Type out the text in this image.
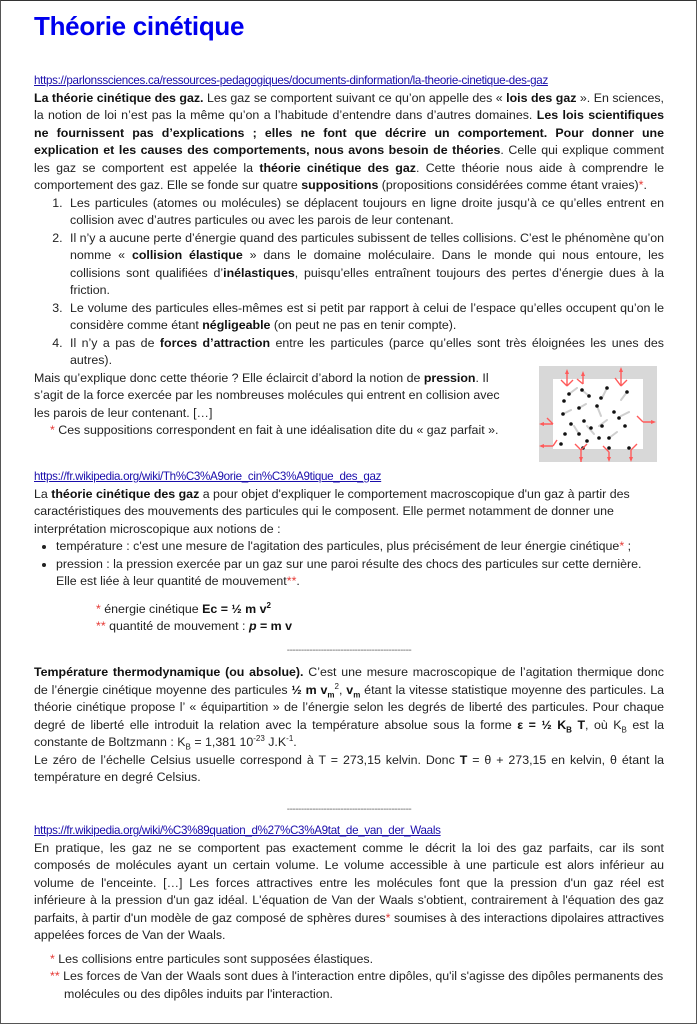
Théorie cinétique
https://parlonssciences.ca/ressources-pedagogiques/documents-dinformation/la-theorie-cinetique-des-gaz
La théorie cinétique des gaz. Les gaz se comportent suivant ce qu’on appelle des « lois des gaz ». En sciences, la notion de loi n’est pas la même qu’on a l’habitude d’entendre dans d’autres domaines. Les lois scientifiques ne fournissent pas d’explications ; elles ne font que décrire un comportement. Pour donner une explication et les causes des comportements, nous avons besoin de théories. Celle qui explique comment les gaz se comportent est appelée la théorie cinétique des gaz. Cette théorie nous aide à comprendre le comportement des gaz. Elle se fonde sur quatre suppositions (propositions considérées comme étant vraies)*.
1. Les particules (atomes ou molécules) se déplacent toujours en ligne droite jusqu’à ce qu’elles entrent en collision avec d’autres particules ou avec les parois de leur contenant.
2. Il n’y a aucune perte d’énergie quand des particules subissent de telles collisions. C’est le phénomène qu’on nomme « collision élastique » dans le domaine moléculaire. Dans le monde qui nous entoure, les collisions sont qualifiées d’inélastiques, puisqu’elles entraînent toujours des pertes d’énergie dues à la friction.
3. Le volume des particules elles-mêmes est si petit par rapport à celui de l’espace qu’elles occupent qu’on le considère comme étant négligeable (on peut ne pas en tenir compte).
4. Il n’y a pas de forces d’attraction entre les particules (parce qu’elles sont très éloignées les unes des autres).
Mais qu’explique donc cette théorie ? Elle éclaircit d’abord la notion de pression. Il s’agit de la force exercée par les nombreuses molécules qui entrent en collision avec les parois de leur contenant. […]
* Ces suppositions correspondent en fait à une idéalisation dite du « gaz parfait ».
https://fr.wikipedia.org/wiki/Th%C3%A9orie_cin%C3%A9tique_des_gaz
La théorie cinétique des gaz a pour objet d'expliquer le comportement macroscopique d'un gaz à partir des caractéristiques des mouvements des particules qui le composent. Elle permet notamment de donner une interprétation microscopique aux notions de :
• température : c'est une mesure de l'agitation des particules, plus précisément de leur énergie cinétique* ;
• pression : la pression exercée par un gaz sur une paroi résulte des chocs des particules sur cette dernière. Elle est liée à leur quantité de mouvement**.
* énergie cinétique Ec = ½ m $v^2$
** quantité de mouvement : p = m v
--------------------------------------------
Température thermodynamique (ou absolue). C’est une mesure macroscopique de l’agitation thermique donc de l’énergie cinétique moyenne des particules ½ m $v_m^2$, $v_m$ étant la vitesse statistique moyenne des particules. La théorie cinétique propose l’ « équipartition » de l’énergie selon les degrés de liberté des particules. Pour chaque degré de liberté elle introduit la relation avec la température absolue sous la forme ε = ½ $K_B$ T, où $K_B$ est la constante de Boltzmann : $K_B = 1,381$ $10^{-23}$ $J.K^{-1}$.
Le zéro de l’échelle Celsius usuelle correspond à T = 273,15 kelvin. Donc T = θ + 273,15 en kelvin, θ étant la température en degré Celsius.
--------------------------------------------
https://fr.wikipedia.org/wiki/%C3%89quation_d%27%C3%A9tat_de_van_der_Waals
En pratique, les gaz ne se comportent pas exactement comme le décrit la loi des gaz parfaits, car ils sont composés de molécules ayant un certain volume. Le volume accessible à une particule est alors inférieur au volume de l'enceinte. […] Les forces attractives entre les molécules font que la pression d'un gaz réel est inférieure à la pression d'un gaz idéal. L'équation de Van der Waals s'obtient, contrairement à l'équation des gaz parfaits, à partir d'un modèle de gaz composé de sphères dures* soumises à des interactions dipolaires attractives appelées forces de Van der Waals.
* Les collisions entre particules sont supposées élastiques.
** Les forces de Van der Waals sont dues à l'interaction entre dipôles, qu'il s'agisse des dipôles permanents des molécules ou des dipôles induits par l'interaction.
